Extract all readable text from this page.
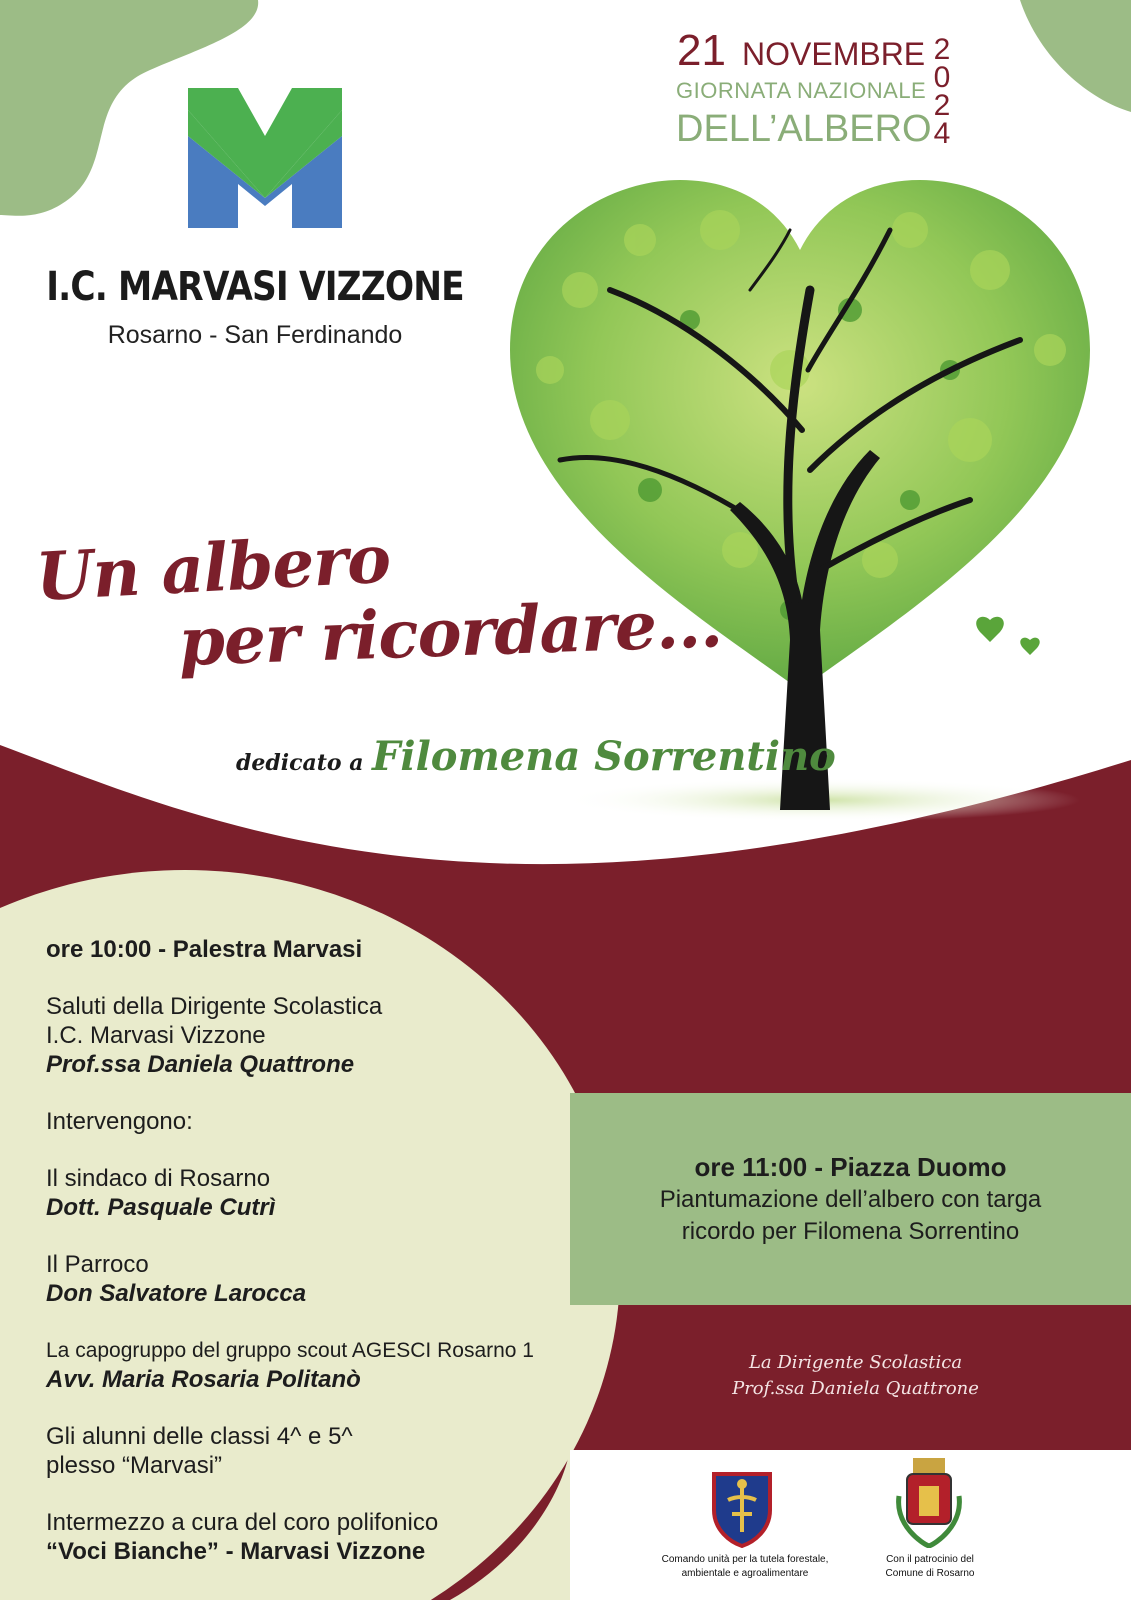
I.C. MARVASI VIZZONE
Rosarno - San Ferdinando
21 NOVEMBRE
GIORNATA NAZIONALE
DELL’ALBERO
2
0
2
4
Un albero
per ricordare...
dedicato a Filomena Sorrentino
ore 10:00 - Palestra Marvasi
Saluti della Dirigente Scolastica
I.C. Marvasi Vizzone
Prof.ssa Daniela Quattrone
Intervengono:
Il sindaco di Rosarno
Dott. Pasquale Cutrì
Il Parroco
Don Salvatore Larocca
La capogruppo del gruppo scout AGESCI Rosarno 1
Avv. Maria Rosaria Politanò
Gli alunni delle classi 4^ e 5^
plesso “Marvasi”
Intermezzo a cura del coro polifonico
“Voci Bianche” - Marvasi Vizzone
ore 11:00 - Piazza Duomo
Piantumazione dell’albero con targa
ricordo per Filomena Sorrentino
La Dirigente Scolastica
Prof.ssa Daniela Quattrone
Comando unità per la tutela forestale,
ambientale e agroalimentare
Con il patrocinio del
Comune di Rosarno
